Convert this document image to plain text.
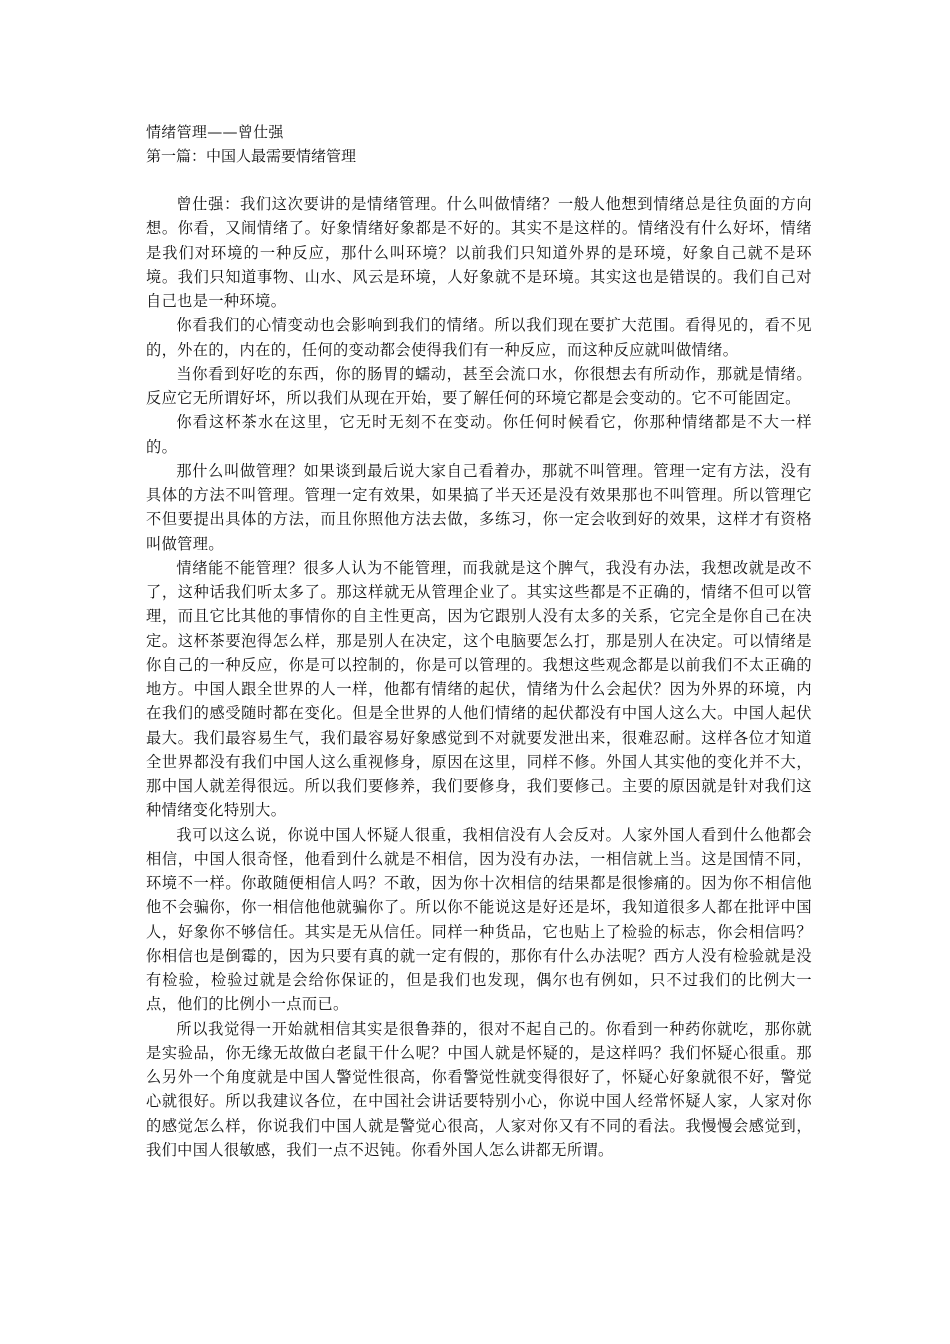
情绪管理——曾仕强

第一篇：中国人最需要情绪管理

曾仕强：我们这次要讲的是情绪管理。什么叫做情绪？一般人他想到情绪总是往负面的方向想。你看，又闹情绪了。好象情绪好象都是不好的。其实不是这样的。情绪没有什么好坏，情绪是我们对环境的一种反应，那什么叫环境？以前我们只知道外界的是环境，好象自己就不是环境。我们只知道事物、山水、风云是环境，人好象就不是环境。其实这也是错误的。我们自己对自己也是一种环境。

你看我们的心情变动也会影响到我们的情绪。所以我们现在要扩大范围。看得见的，看不见的，外在的，内在的，任何的变动都会使得我们有一种反应，而这种反应就叫做情绪。

当你看到好吃的东西，你的肠胃的蠕动，甚至会流口水，你很想去有所动作，那就是情绪。反应它无所谓好坏，所以我们从现在开始，要了解任何的环境它都是会变动的。它不可能固定。

你看这杯茶水在这里，它无时无刻不在变动。你任何时候看它，你那种情绪都是不大一样的。

那什么叫做管理？如果谈到最后说大家自己看着办，那就不叫管理。管理一定有方法，没有具体的方法不叫管理。管理一定有效果，如果搞了半天还是没有效果那也不叫管理。所以管理它不但要提出具体的方法，而且你照他方法去做，多练习，你一定会收到好的效果，这样才有资格叫做管理。

情绪能不能管理？很多人认为不能管理，而我就是这个脾气，我没有办法，我想改就是改不了，这种话我们听太多了。那这样就无从管理企业了。其实这些都是不正确的，情绪不但可以管理，而且它比其他的事情你的自主性更高，因为它跟别人没有太多的关系，它完全是你自己在决定。这杯茶要泡得怎么样，那是别人在决定，这个电脑要怎么打，那是别人在决定。可以情绪是你自己的一种反应，你是可以控制的，你是可以管理的。我想这些观念都是以前我们不太正确的地方。中国人跟全世界的人一样，他都有情绪的起伏，情绪为什么会起伏？因为外界的环境，内在我们的感受随时都在变化。但是全世界的人他们情绪的起伏都没有中国人这么大。中国人起伏最大。我们最容易生气，我们最容易好象感觉到不对就要发泄出来，很难忍耐。这样各位才知道全世界都没有我们中国人这么重视修身，原因在这里，同样不修。外国人其实他的变化并不大，那中国人就差得很远。所以我们要修养，我们要修身，我们要修己。主要的原因就是针对我们这种情绪变化特别大。

我可以这么说，你说中国人怀疑人很重，我相信没有人会反对。人家外国人看到什么他都会相信，中国人很奇怪，他看到什么就是不相信，因为没有办法，一相信就上当。这是国情不同，环境不一样。你敢随便相信人吗？不敢，因为你十次相信的结果都是很惨痛的。因为你不相信他他不会骗你，你一相信他他就骗你了。所以你不能说这是好还是坏，我知道很多人都在批评中国人，好象你不够信任。其实是无从信任。同样一种货品，它也贴上了检验的标志，你会相信吗？你相信也是倒霉的，因为只要有真的就一定有假的，那你有什么办法呢？西方人没有检验就是没有检验，检验过就是会给你保证的，但是我们也发现，偶尔也有例如，只不过我们的比例大一点，他们的比例小一点而已。

所以我觉得一开始就相信其实是很鲁莽的，很对不起自己的。你看到一种药你就吃，那你就是实验品，你无缘无故做白老鼠干什么呢？中国人就是怀疑的，是这样吗？我们怀疑心很重。那么另外一个角度就是中国人警觉性很高，你看警觉性就变得很好了，怀疑心好象就很不好，警觉心就很好。所以我建议各位，在中国社会讲话要特别小心，你说中国人经常怀疑人家，人家对你的感觉怎么样，你说我们中国人就是警觉心很高，人家对你又有不同的看法。我慢慢会感觉到，我们中国人很敏感，我们一点不迟钝。你看外国人怎么讲都无所谓。
